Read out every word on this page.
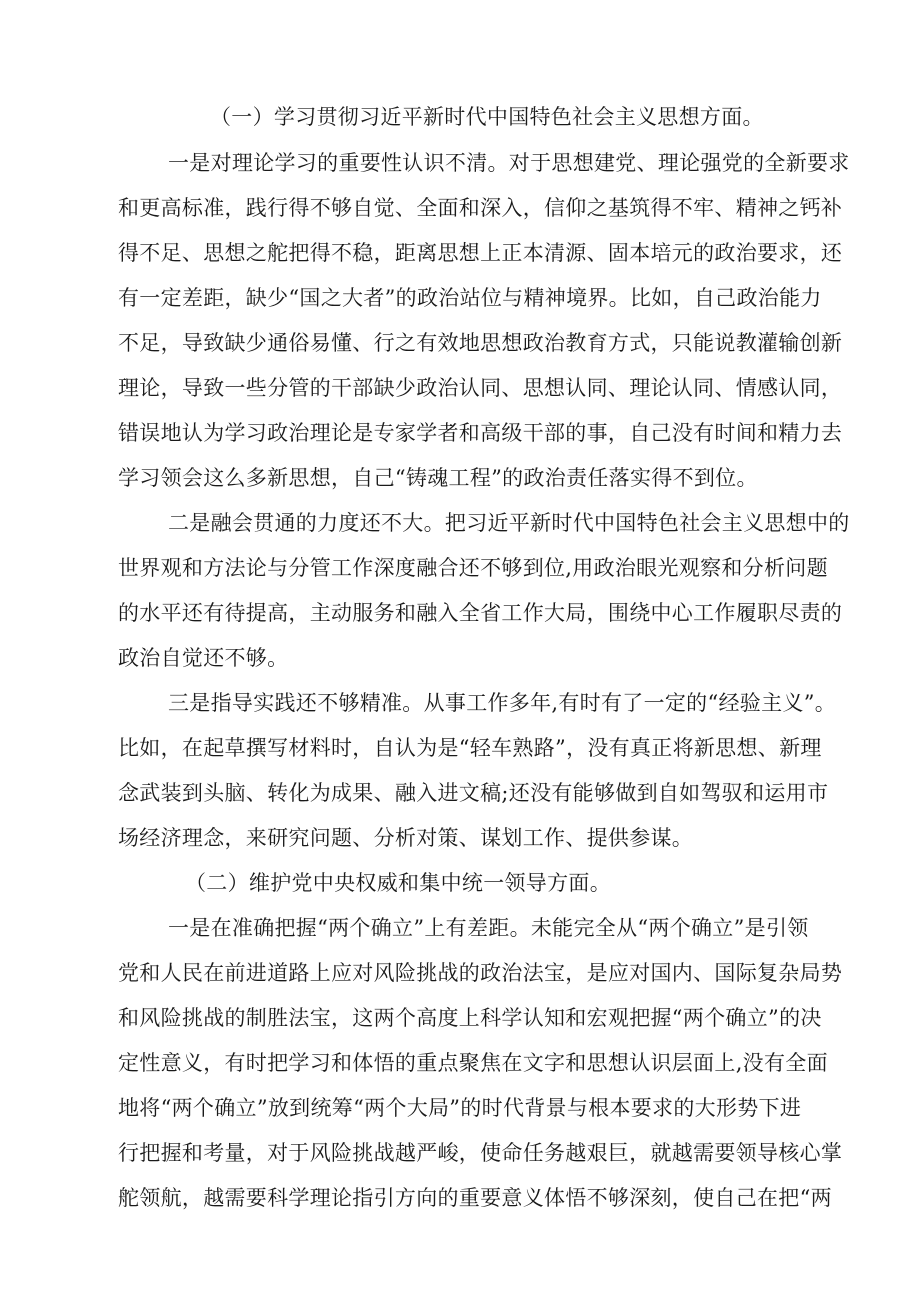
（一）学习贯彻习近平新时代中国特色社会主义思想方面。
一是对理论学习的重要性认识不清。对于思想建党、理论强党的全新要求
和更高标准，践行得不够自觉、全面和深入，信仰之基筑得不牢、精神之钙补
得不足、思想之舵把得不稳，距离思想上正本清源、固本培元的政治要求，还
有一定差距，缺少“国之大者”的政治站位与精神境界。比如，自己政治能力
不足，导致缺少通俗易懂、行之有效地思想政治教育方式，只能说教灌输创新
理论，导致一些分管的干部缺少政治认同、思想认同、理论认同、情感认同，
错误地认为学习政治理论是专家学者和高级干部的事，自己没有时间和精力去
学习领会这么多新思想，自己“铸魂工程”的政治责任落实得不到位。
二是融会贯通的力度还不大。把习近平新时代中国特色社会主义思想中的
世界观和方法论与分管工作深度融合还不够到位,用政治眼光观察和分析问题
的水平还有待提高，主动服务和融入全省工作大局，围绕中心工作履职尽责的
政治自觉还不够。
三是指导实践还不够精准。从事工作多年,有时有了一定的“经验主义”。
比如，在起草撰写材料时，自认为是“轻车熟路”，没有真正将新思想、新理
念武装到头脑、转化为成果、融入进文稿;还没有能够做到自如驾驭和运用市
场经济理念，来研究问题、分析对策、谋划工作、提供参谋。
（二）维护党中央权威和集中统一领导方面。
一是在准确把握“两个确立”上有差距。未能完全从“两个确立”是引领
党和人民在前进道路上应对风险挑战的政治法宝，是应对国内、国际复杂局势
和风险挑战的制胜法宝，这两个高度上科学认知和宏观把握“两个确立”的决
定性意义，有时把学习和体悟的重点聚焦在文字和思想认识层面上,没有全面
地将“两个确立”放到统筹“两个大局”的时代背景与根本要求的大形势下进
行把握和考量，对于风险挑战越严峻，使命任务越艰巨，就越需要领导核心掌
舵领航，越需要科学理论指引方向的重要意义体悟不够深刻，使自己在把“两
